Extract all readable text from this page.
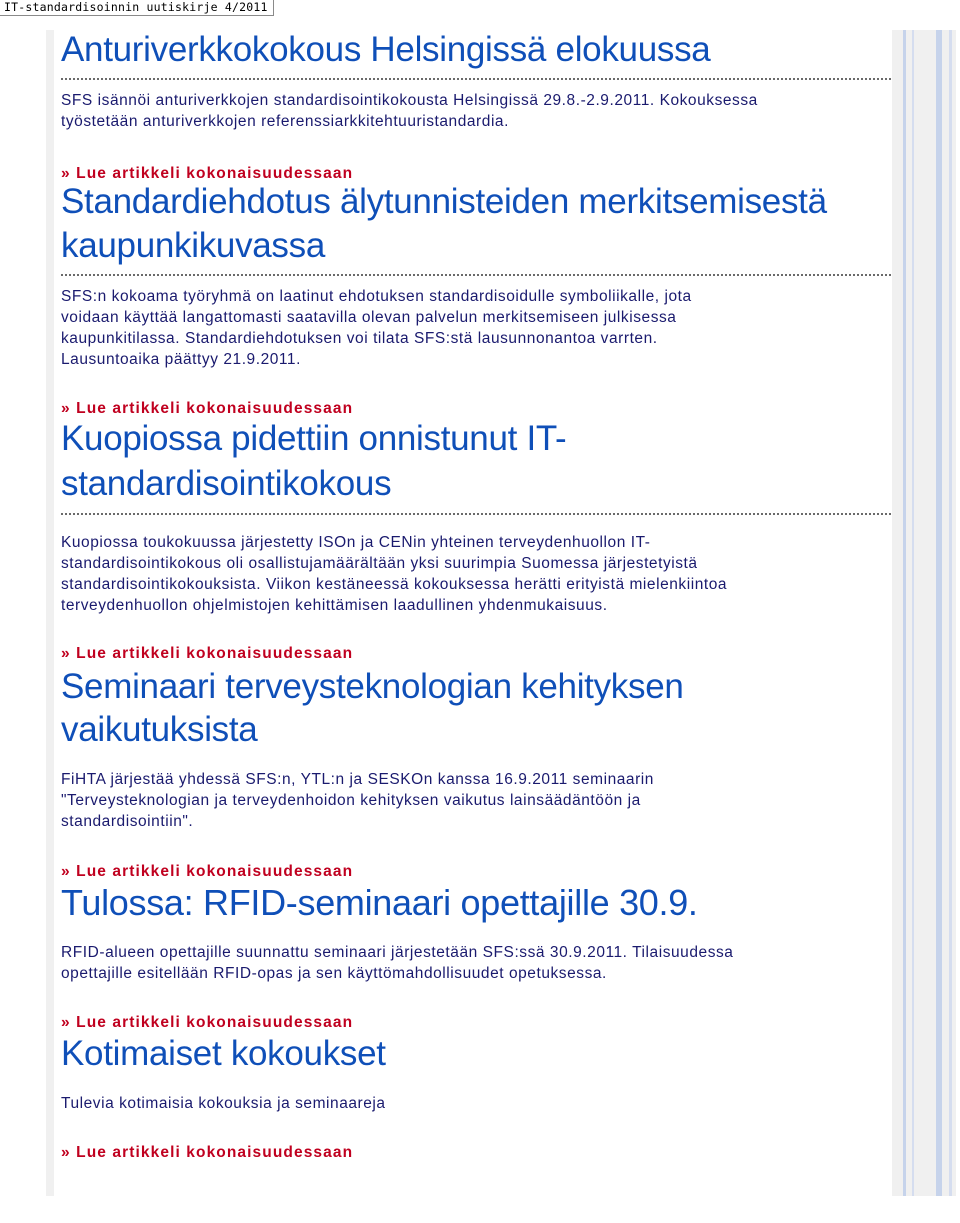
IT-standardisoinnin uutiskirje 4/2011
Anturiverkkokokous Helsingissä elokuussa

SFS isännöi anturiverkkojen standardisointikokousta Helsingissä 29.8.-2.9.2011. Kokouksessa
työstetään anturiverkkojen referenssiarkkitehtuuristandardia.

» Lue artikkeli kokonaisuudessaan
Standardiehdotus älytunnisteiden merkitsemisestä
kaupunkikuvassa

SFS:n kokoama työryhmä on laatinut ehdotuksen standardisoidulle symboliikalle, jota
voidaan käyttää langattomasti saatavilla olevan palvelun merkitsemiseen julkisessa
kaupunkitilassa. Standardiehdotuksen voi tilata SFS:stä lausunnonantoa varrten.
Lausuntoaika päättyy 21.9.2011.

» Lue artikkeli kokonaisuudessaan
Kuopiossa pidettiin onnistunut IT-
standardisointikokous

Kuopiossa toukokuussa järjestetty ISOn ja CENin yhteinen terveydenhuollon IT-
standardisointikokous oli osallistujamäärältään yksi suurimpia Suomessa järjestetyistä
standardisointikokouksista. Viikon kestäneessä kokouksessa herätti erityistä mielenkiintoa
terveydenhuollon ohjelmistojen kehittämisen laadullinen yhdenmukaisuus.

» Lue artikkeli kokonaisuudessaan
Seminaari terveysteknologian kehityksen
vaikutuksista

FiHTA järjestää yhdessä SFS:n, YTL:n ja SESKOn kanssa 16.9.2011 seminaarin
"Terveysteknologian ja terveydenhoidon kehityksen vaikutus lainsäädäntöön ja
standardisointiin".

» Lue artikkeli kokonaisuudessaan
Tulossa: RFID-seminaari opettajille 30.9.

RFID-alueen opettajille suunnattu seminaari järjestetään SFS:ssä 30.9.2011. Tilaisuudessa
opettajille esitellään RFID-opas ja sen käyttömahdollisuudet opetuksessa.

» Lue artikkeli kokonaisuudessaan
Kotimaiset kokoukset

Tulevia kotimaisia kokouksia ja seminaareja

» Lue artikkeli kokonaisuudessaan
